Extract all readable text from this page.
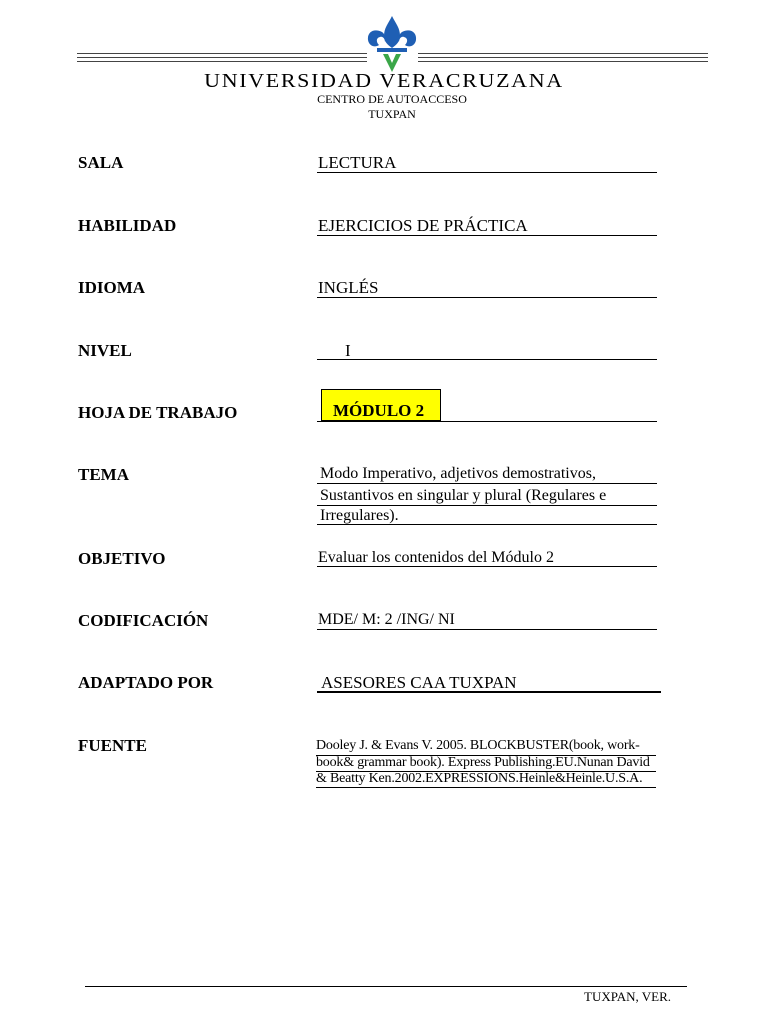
UNIVERSIDAD VERACRUZANA
CENTRO DE AUTOACCESO
TUXPAN
SALA	LECTURA
HABILIDAD	EJERCICIOS DE PRÁCTICA
IDIOMA	INGLÉS
NIVEL	I
HOJA DE TRABAJO	MÓDULO 2
TEMA	Modo Imperativo, adjetivos demostrativos,
Sustantivos en singular y plural (Regulares e
Irregulares).
OBJETIVO	Evaluar los contenidos del Módulo 2
CODIFICACIÓN	MDE/ M: 2 /ING/ NI
ADAPTADO POR	ASESORES CAA TUXPAN
FUENTE	Dooley J. & Evans V. 2005. BLOCKBUSTER(book, work-
book& grammar book). Express Publishing.EU.Nunan David
& Beatty Ken.2002.EXPRESSIONS.Heinle&Heinle.U.S.A.
TUXPAN, VER.
